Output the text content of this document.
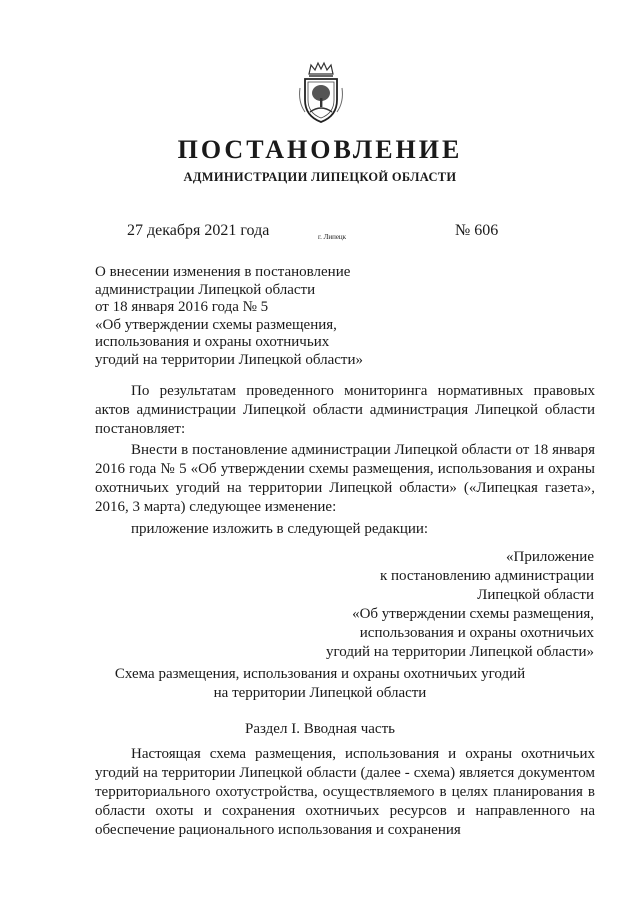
ПОСТАНОВЛЕНИЕ
АДМИНИСТРАЦИИ ЛИПЕЦКОЙ ОБЛАСТИ
27 декабря 2021 года	г. Липецк	№ 606
О внесении изменения в постановление
администрации Липецкой области
от 18 января 2016 года № 5
«Об утверждении схемы размещения,
использования и охраны охотничьих
угодий на территории Липецкой области»
По результатам проведенного мониторинга нормативных правовых актов администрации Липецкой области администрация Липецкой области постановляет:
Внести в постановление администрации Липецкой области от 18 января 2016 года № 5 «Об утверждении схемы размещения, использования и охраны охотничьих угодий на территории Липецкой области» («Липецкая газета», 2016, 3 марта) следующее изменение:
приложение изложить в следующей редакции:
«Приложение
к постановлению администрации
Липецкой области
«Об утверждении схемы размещения,
использования и охраны охотничьих
угодий на территории Липецкой области»
Схема размещения, использования и охраны охотничьих угодий
на территории Липецкой области
Раздел I. Вводная часть
Настоящая схема размещения, использования и охраны охотничьих угодий на территории Липецкой области (далее - схема) является документом территориального охотустройства, осуществляемого в целях планирования в области охоты и сохранения охотничьих ресурсов и направленного на обеспечение рационального использования и сохранения
